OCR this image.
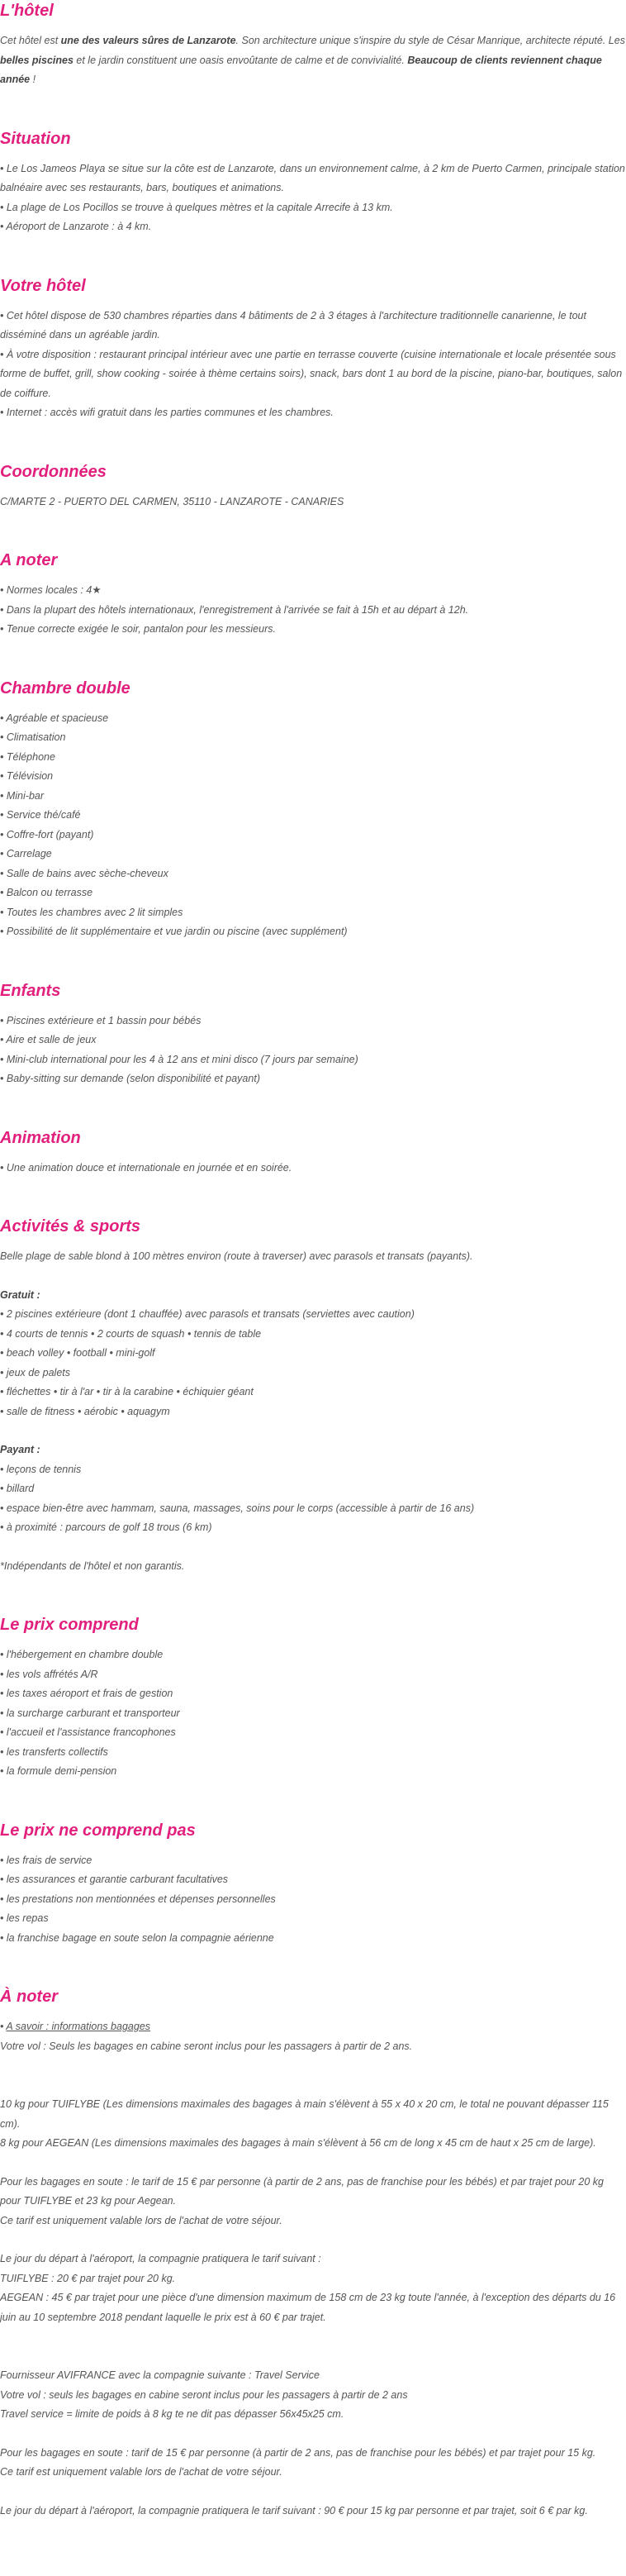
L'hôtel

Cet hôtel est une des valeurs sûres de Lanzarote. Son architecture unique s'inspire du style de César Manrique, architecte réputé. Les belles piscines et le jardin constituent une oasis envoûtante de calme et de convivialité. Beaucoup de clients reviennent chaque année !

Situation
• Le Los Jameos Playa se situe sur la côte est de Lanzarote, dans un environnement calme, à 2 km de Puerto Carmen, principale station balnéaire avec ses restaurants, bars, boutiques et animations.
• La plage de Los Pocillos se trouve à quelques mètres et la capitale Arrecife à 13 km.
• Aéroport de Lanzarote : à 4 km.
Votre hôtel
• Cet hôtel dispose de 530 chambres réparties dans 4 bâtiments de 2 à 3 étages à l'architecture traditionnelle canarienne, le tout disséminé dans un agréable jardin.
• À votre disposition : restaurant principal intérieur avec une partie en terrasse couverte (cuisine internationale et locale présentée sous forme de buffet, grill, show cooking - soirée à thème certains soirs), snack, bars dont 1 au bord de la piscine, piano-bar, boutiques, salon de coiffure.
• Internet : accès wifi gratuit dans les parties communes et les chambres.
Coordonnées

C/MARTE 2 - PUERTO DEL CARMEN, 35110 - LANZAROTE - CANARIES

A noter
• Normes locales : 4★
• Dans la plupart des hôtels internationaux, l'enregistrement à l'arrivée se fait à 15h et au départ à 12h.
• Tenue correcte exigée le soir, pantalon pour les messieurs.
Chambre double
• Agréable et spacieuse
• Climatisation
• Téléphone
• Télévision
• Mini-bar
• Service thé/café
• Coffre-fort (payant)
• Carrelage
• Salle de bains avec sèche-cheveux
• Balcon ou terrasse
• Toutes les chambres avec 2 lit simples
• Possibilité de lit supplémentaire et vue jardin ou piscine (avec supplément)
Enfants
• Piscines extérieure et 1 bassin pour bébés
• Aire et salle de jeux
• Mini-club international pour les 4 à 12 ans et mini disco (7 jours par semaine)
• Baby-sitting sur demande (selon disponibilité et payant)
Animation
• Une animation douce et internationale en journée et en soirée.
Activités & sports

Belle plage de sable blond à 100 mètres environ (route à traverser) avec parasols et transats (payants).

Gratuit :

• 2 piscines extérieure (dont 1 chauffée) avec parasols et transats (serviettes avec caution)
• 4 courts de tennis • 2 courts de squash • tennis de table
• beach volley • football • mini-golf
• jeux de palets
• fléchettes • tir à l'ar • tir à la carabine • échiquier géant
• salle de fitness • aérobic • aquagym

Payant :

• leçons de tennis
• billard
• espace bien-être avec hammam, sauna, massages, soins pour le corps (accessible à partir de 16 ans)
• à proximité : parcours de golf 18 trous (6 km)

*Indépendants de l'hôtel et non garantis.

Le prix comprend
• l'hébergement en chambre double
• les vols affrétés A/R
• les taxes aéroport et frais de gestion
• la surcharge carburant et transporteur
• l'accueil et l'assistance francophones
• les transferts collectifs
• la formule demi-pension
Le prix ne comprend pas
• les frais de service
• les assurances et garantie carburant facultatives
• les prestations non mentionnées et dépenses personnelles
• les repas
• la franchise bagage en soute selon la compagnie aérienne
À noter

• A savoir : informations bagages

Votre vol : Seuls les bagages en cabine seront inclus pour les passagers à partir de 2 ans.

10 kg pour TUIFLYBE (Les dimensions maximales des bagages à main s'élèvent à 55 x 40 x 20 cm, le total ne pouvant dépasser 115 cm).

8 kg pour AEGEAN (Les dimensions maximales des bagages à main s'élèvent à 56 cm de long x 45 cm de haut x 25 cm de large).

Pour les bagages en soute : le tarif de 15 € par personne (à partir de 2 ans, pas de franchise pour les bébés) et par trajet pour 20 kg pour TUIFLYBE et 23 kg pour Aegean.

Ce tarif est uniquement valable lors de l'achat de votre séjour.

Le jour du départ à l'aéroport, la compagnie pratiquera le tarif suivant :

TUIFLYBE : 20 € par trajet pour 20 kg.

AEGEAN : 45 € par trajet pour une pièce d'une dimension maximum de 158 cm de 23 kg toute l'année, à l'exception des départs du 16 juin au 10 septembre 2018 pendant laquelle le prix est à 60 € par trajet.

Fournisseur AVIFRANCE avec la compagnie suivante : Travel Service

Votre vol : seuls les bagages en cabine seront inclus pour les passagers à partir de 2 ans

Travel service = limite de poids à 8 kg te ne dit pas dépasser 56x45x25 cm.

Pour les bagages en soute : tarif de 15 € par personne (à partir de 2 ans, pas de franchise pour les bébés) et par trajet pour 15 kg.

Ce tarif est uniquement valable lors de l'achat de votre séjour.

Le jour du départ à l'aéroport, la compagnie pratiquera le tarif suivant : 90 € pour 15 kg par personne et par trajet, soit 6 € par kg.
